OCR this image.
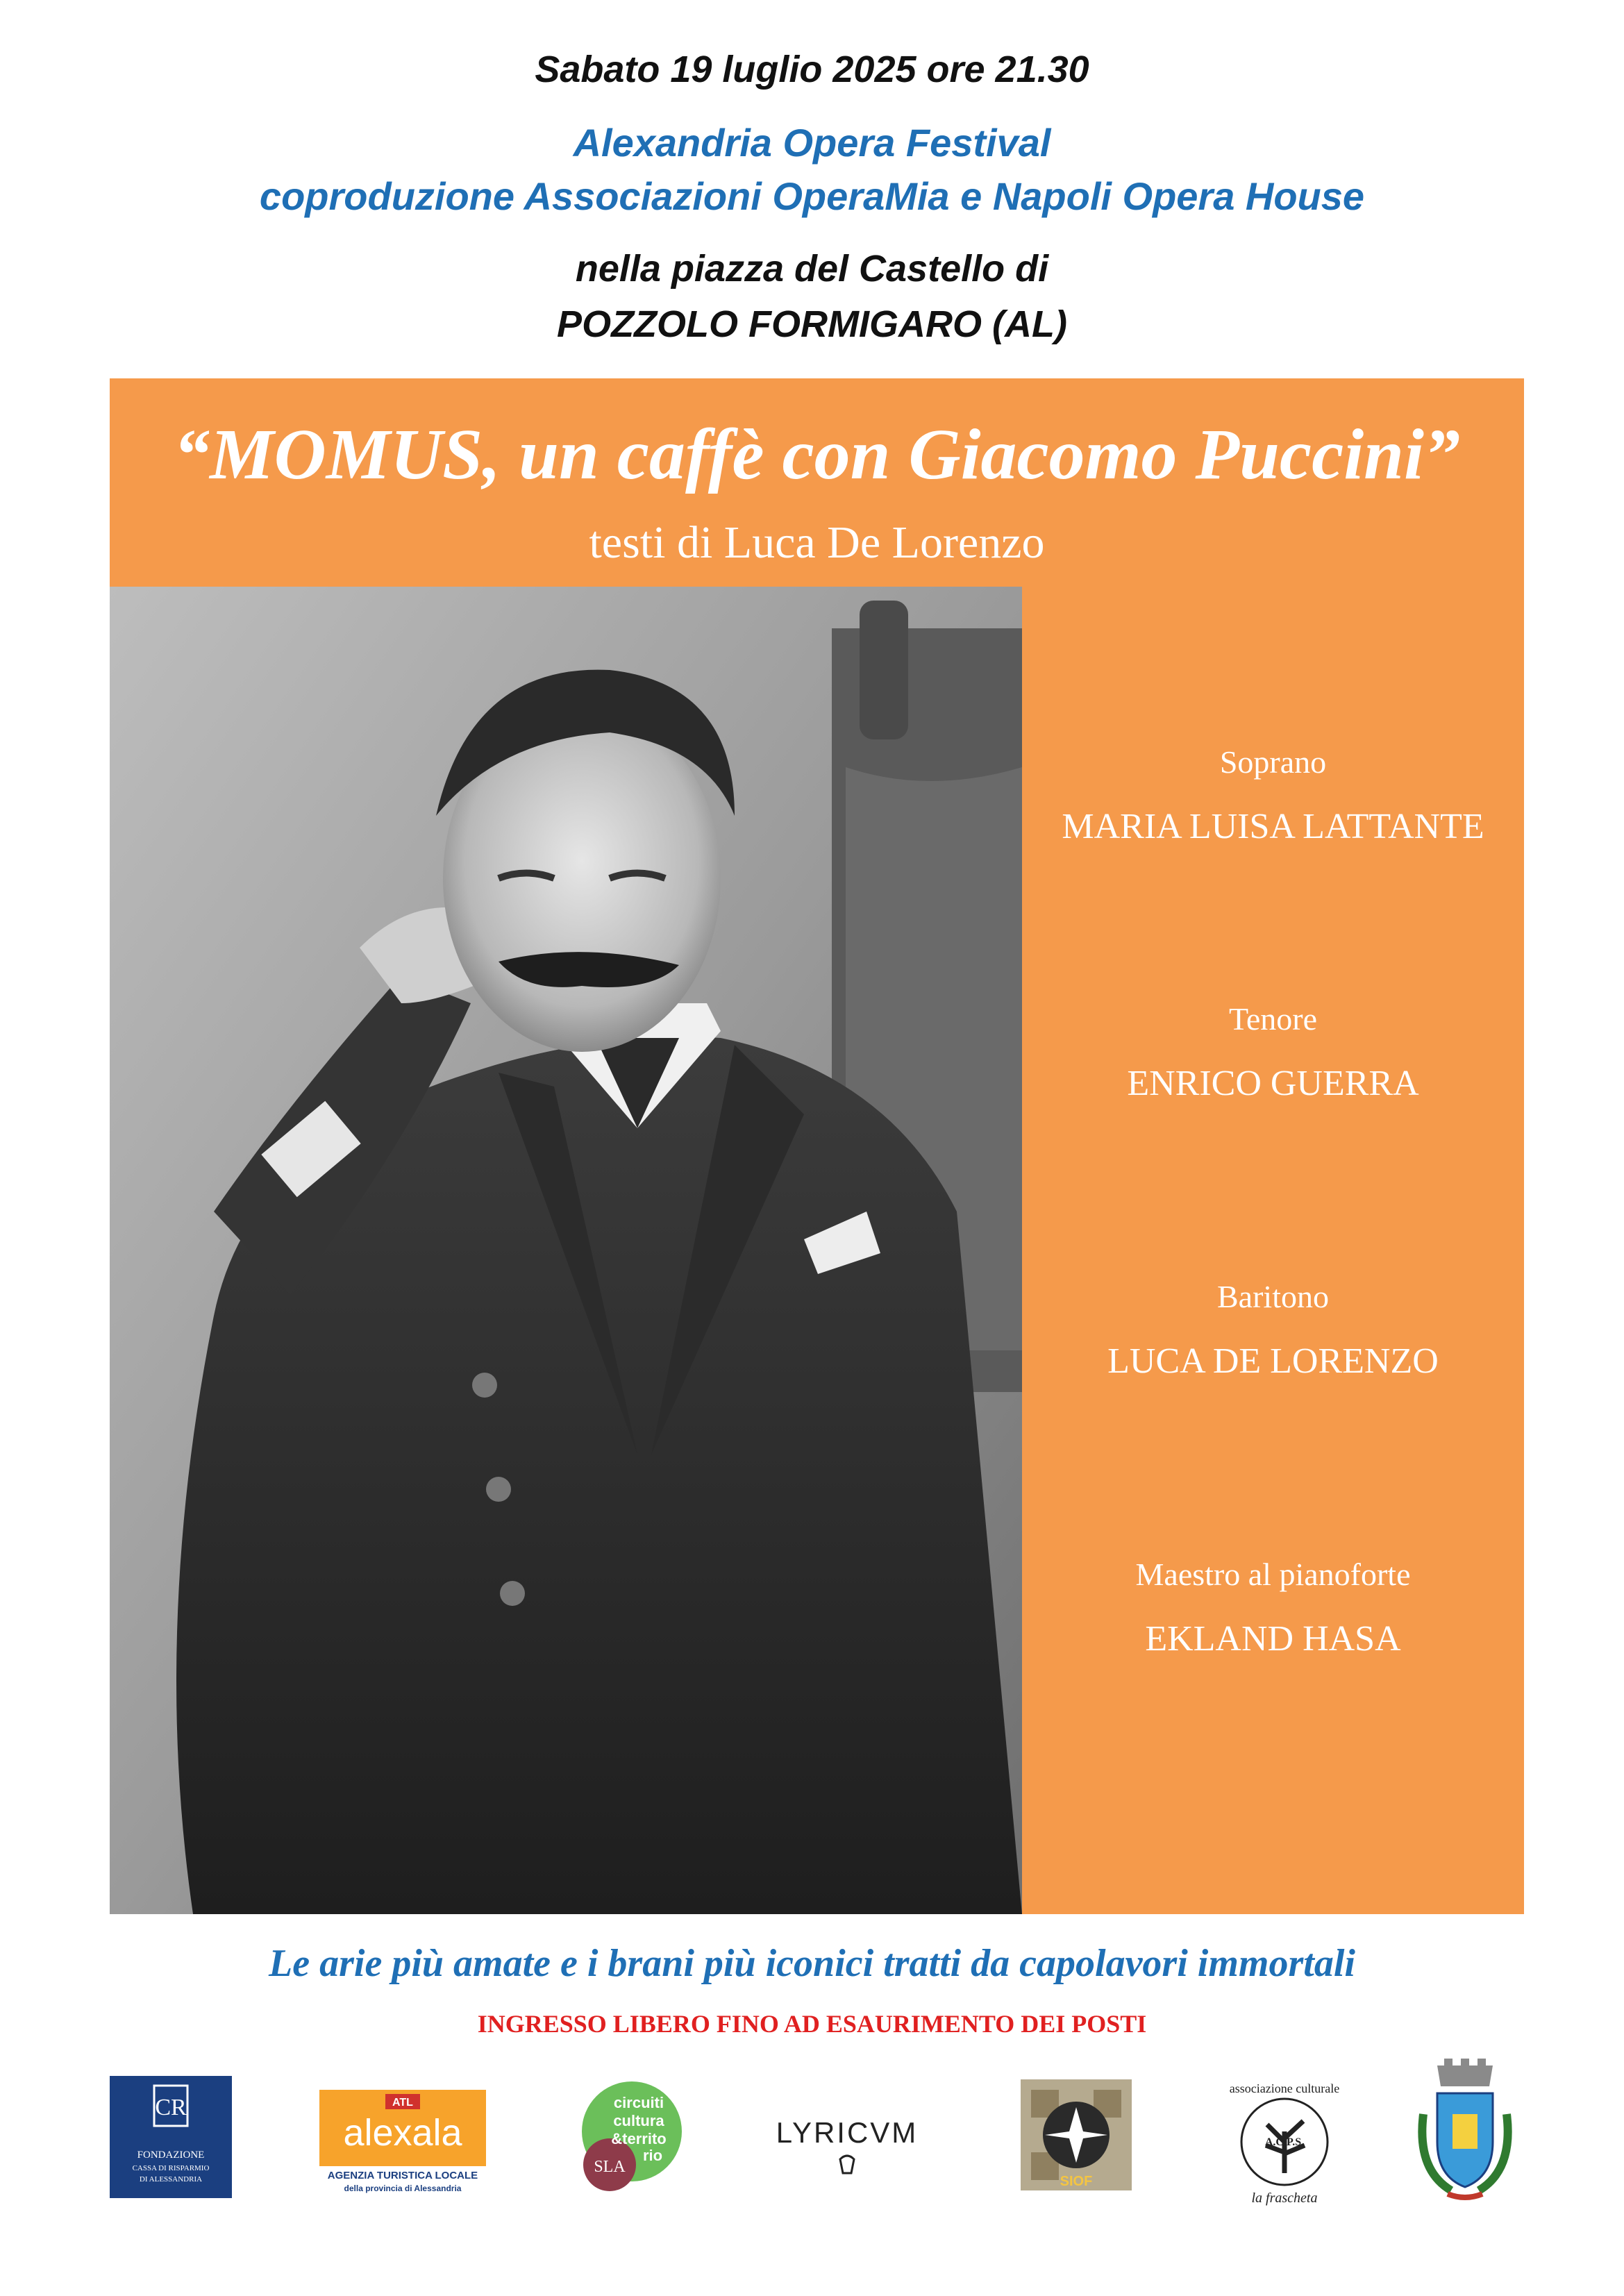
Sabato 19 luglio 2025 ore 21.30
Alexandria Opera Festival
coproduzione Associazioni OperaMia e Napoli Opera House
nella piazza del Castello di
POZZOLO FORMIGARO (AL)
“MOMUS, un caffè con Giacomo Puccini”
testi di Luca De Lorenzo
Soprano
MARIA LUISA LATTANTE
Tenore
ENRICO GUERRA
Baritono
LUCA DE LORENZO
Maestro al pianoforte
EKLAND HASA
Le arie più amate e i brani più iconici tratti da capolavori immortali
INGRESSO LIBERO FINO AD ESAURIMENTO DEI POSTI
CR
FONDAZIONE
CASSA DI RISPARMIO
DI ALESSANDRIA
ATL
alexala
AGENZIA TURISTICA LOCALE
della provincia di Alessandria
circuiti
cultura
&territo
rio
SLA
LYRICVM
SIOF
associazione culturale
A.C.P.S.
la frascheta
